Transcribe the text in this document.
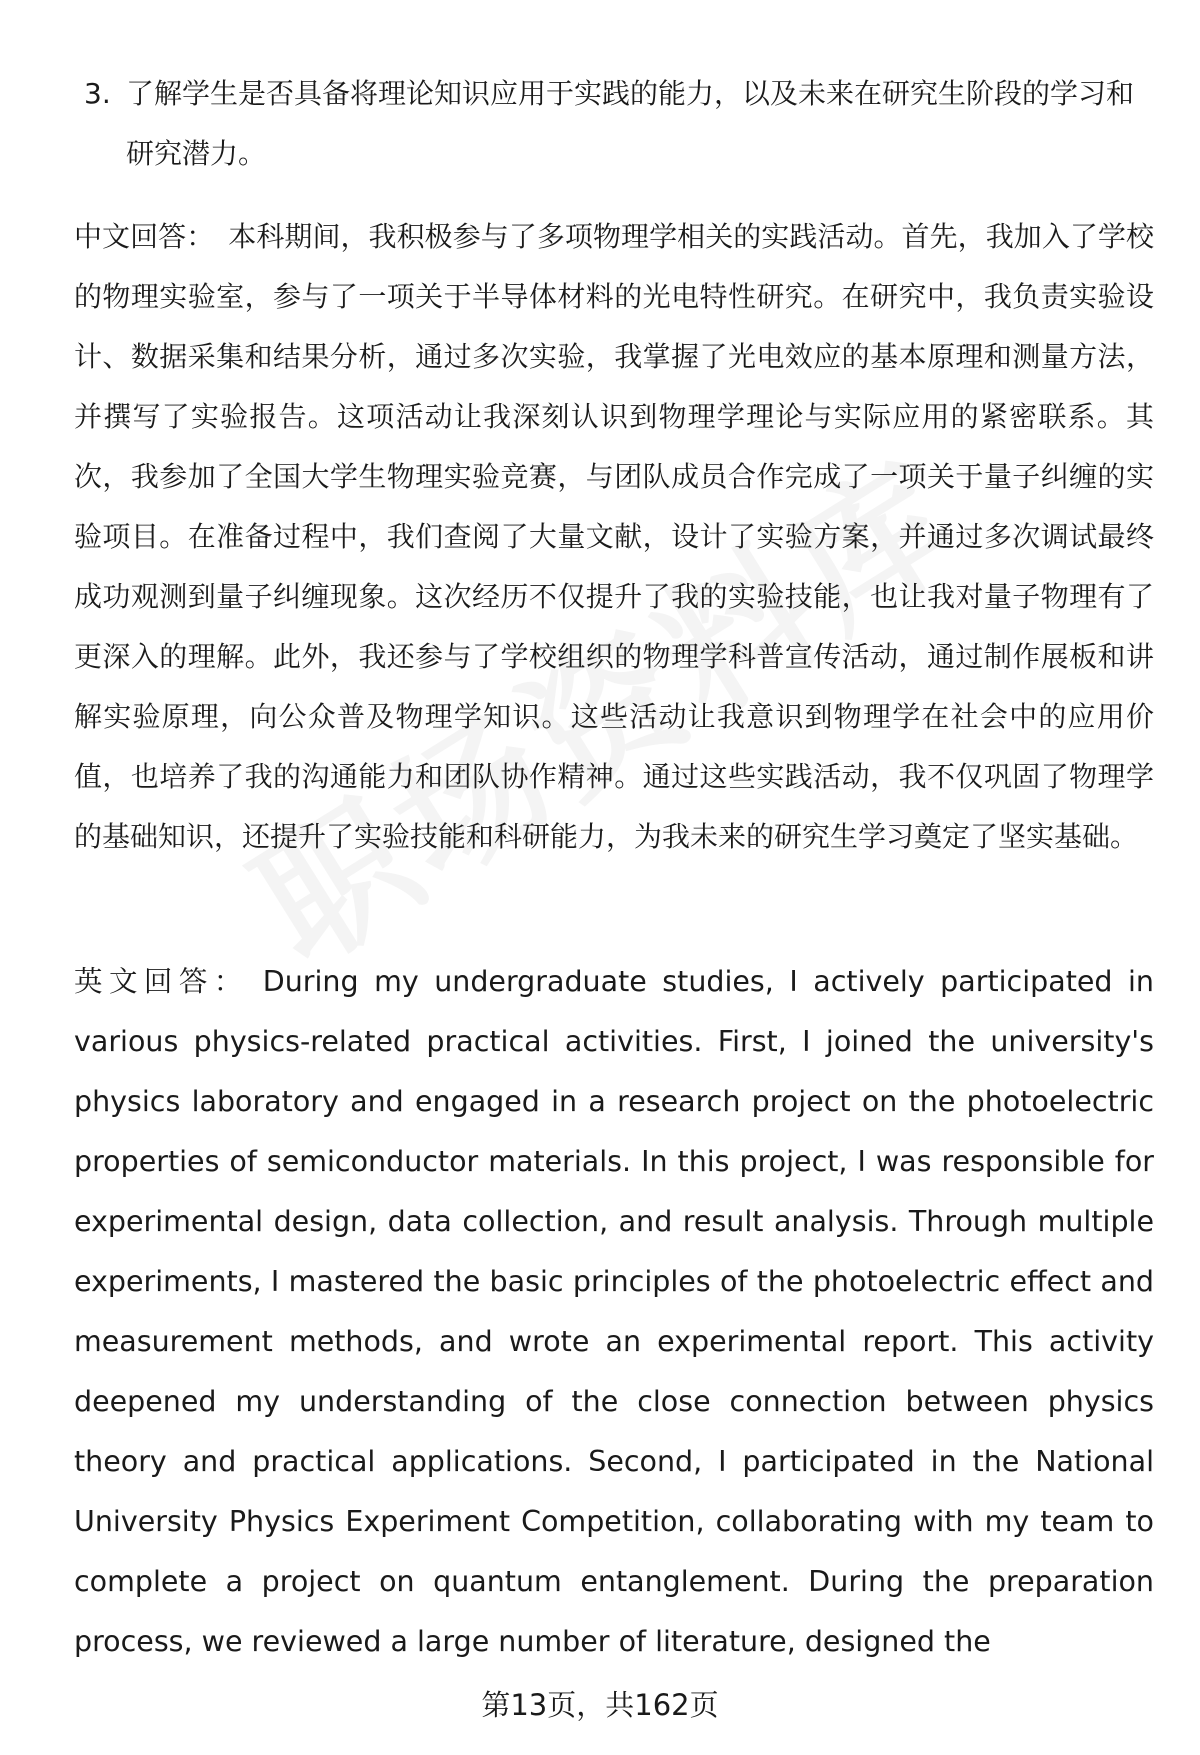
3. 了解学生是否具备将理论知识应用于实践的能力，以及未来在研究生阶段的学习和研究潜力。
中文回答： 本科期间，我积极参与了多项物理学相关的实践活动。首先，我加入了学校的物理实验室，参与了一项关于半导体材料的光电特性研究。在研究中，我负责实验设计、数据采集和结果分析，通过多次实验，我掌握了光电效应的基本原理和测量方法，并撰写了实验报告。这项活动让我深刻认识到物理学理论与实际应用的紧密联系。其次，我参加了全国大学生物理实验竞赛，与团队成员合作完成了一项关于量子纠缠的实验项目。在准备过程中，我们查阅了大量文献，设计了实验方案，并通过多次调试最终成功观测到量子纠缠现象。这次经历不仅提升了我的实验技能，也让我对量子物理有了更深入的理解。此外，我还参与了学校组织的物理学科普宣传活动，通过制作展板和讲解实验原理，向公众普及物理学知识。这些活动让我意识到物理学在社会中的应用价值，也培养了我的沟通能力和团队协作精神。通过这些实践活动，我不仅巩固了物理学的基础知识，还提升了实验技能和科研能力，为我未来的研究生学习奠定了坚实基础。
英文回答： During my undergraduate studies, I actively participated in various physics-related practical activities. First, I joined the university's physics laboratory and engaged in a research project on the photoelectric properties of semiconductor materials. In this project, I was responsible for experimental design, data collection, and result analysis. Through multiple experiments, I mastered the basic principles of the photoelectric effect and measurement methods, and wrote an experimental report. This activity deepened my understanding of the close connection between physics theory and practical applications. Second, I participated in the National University Physics Experiment Competition, collaborating with my team to complete a project on quantum entanglement. During the preparation process, we reviewed a large number of literature, designed the
第13页，共162页
